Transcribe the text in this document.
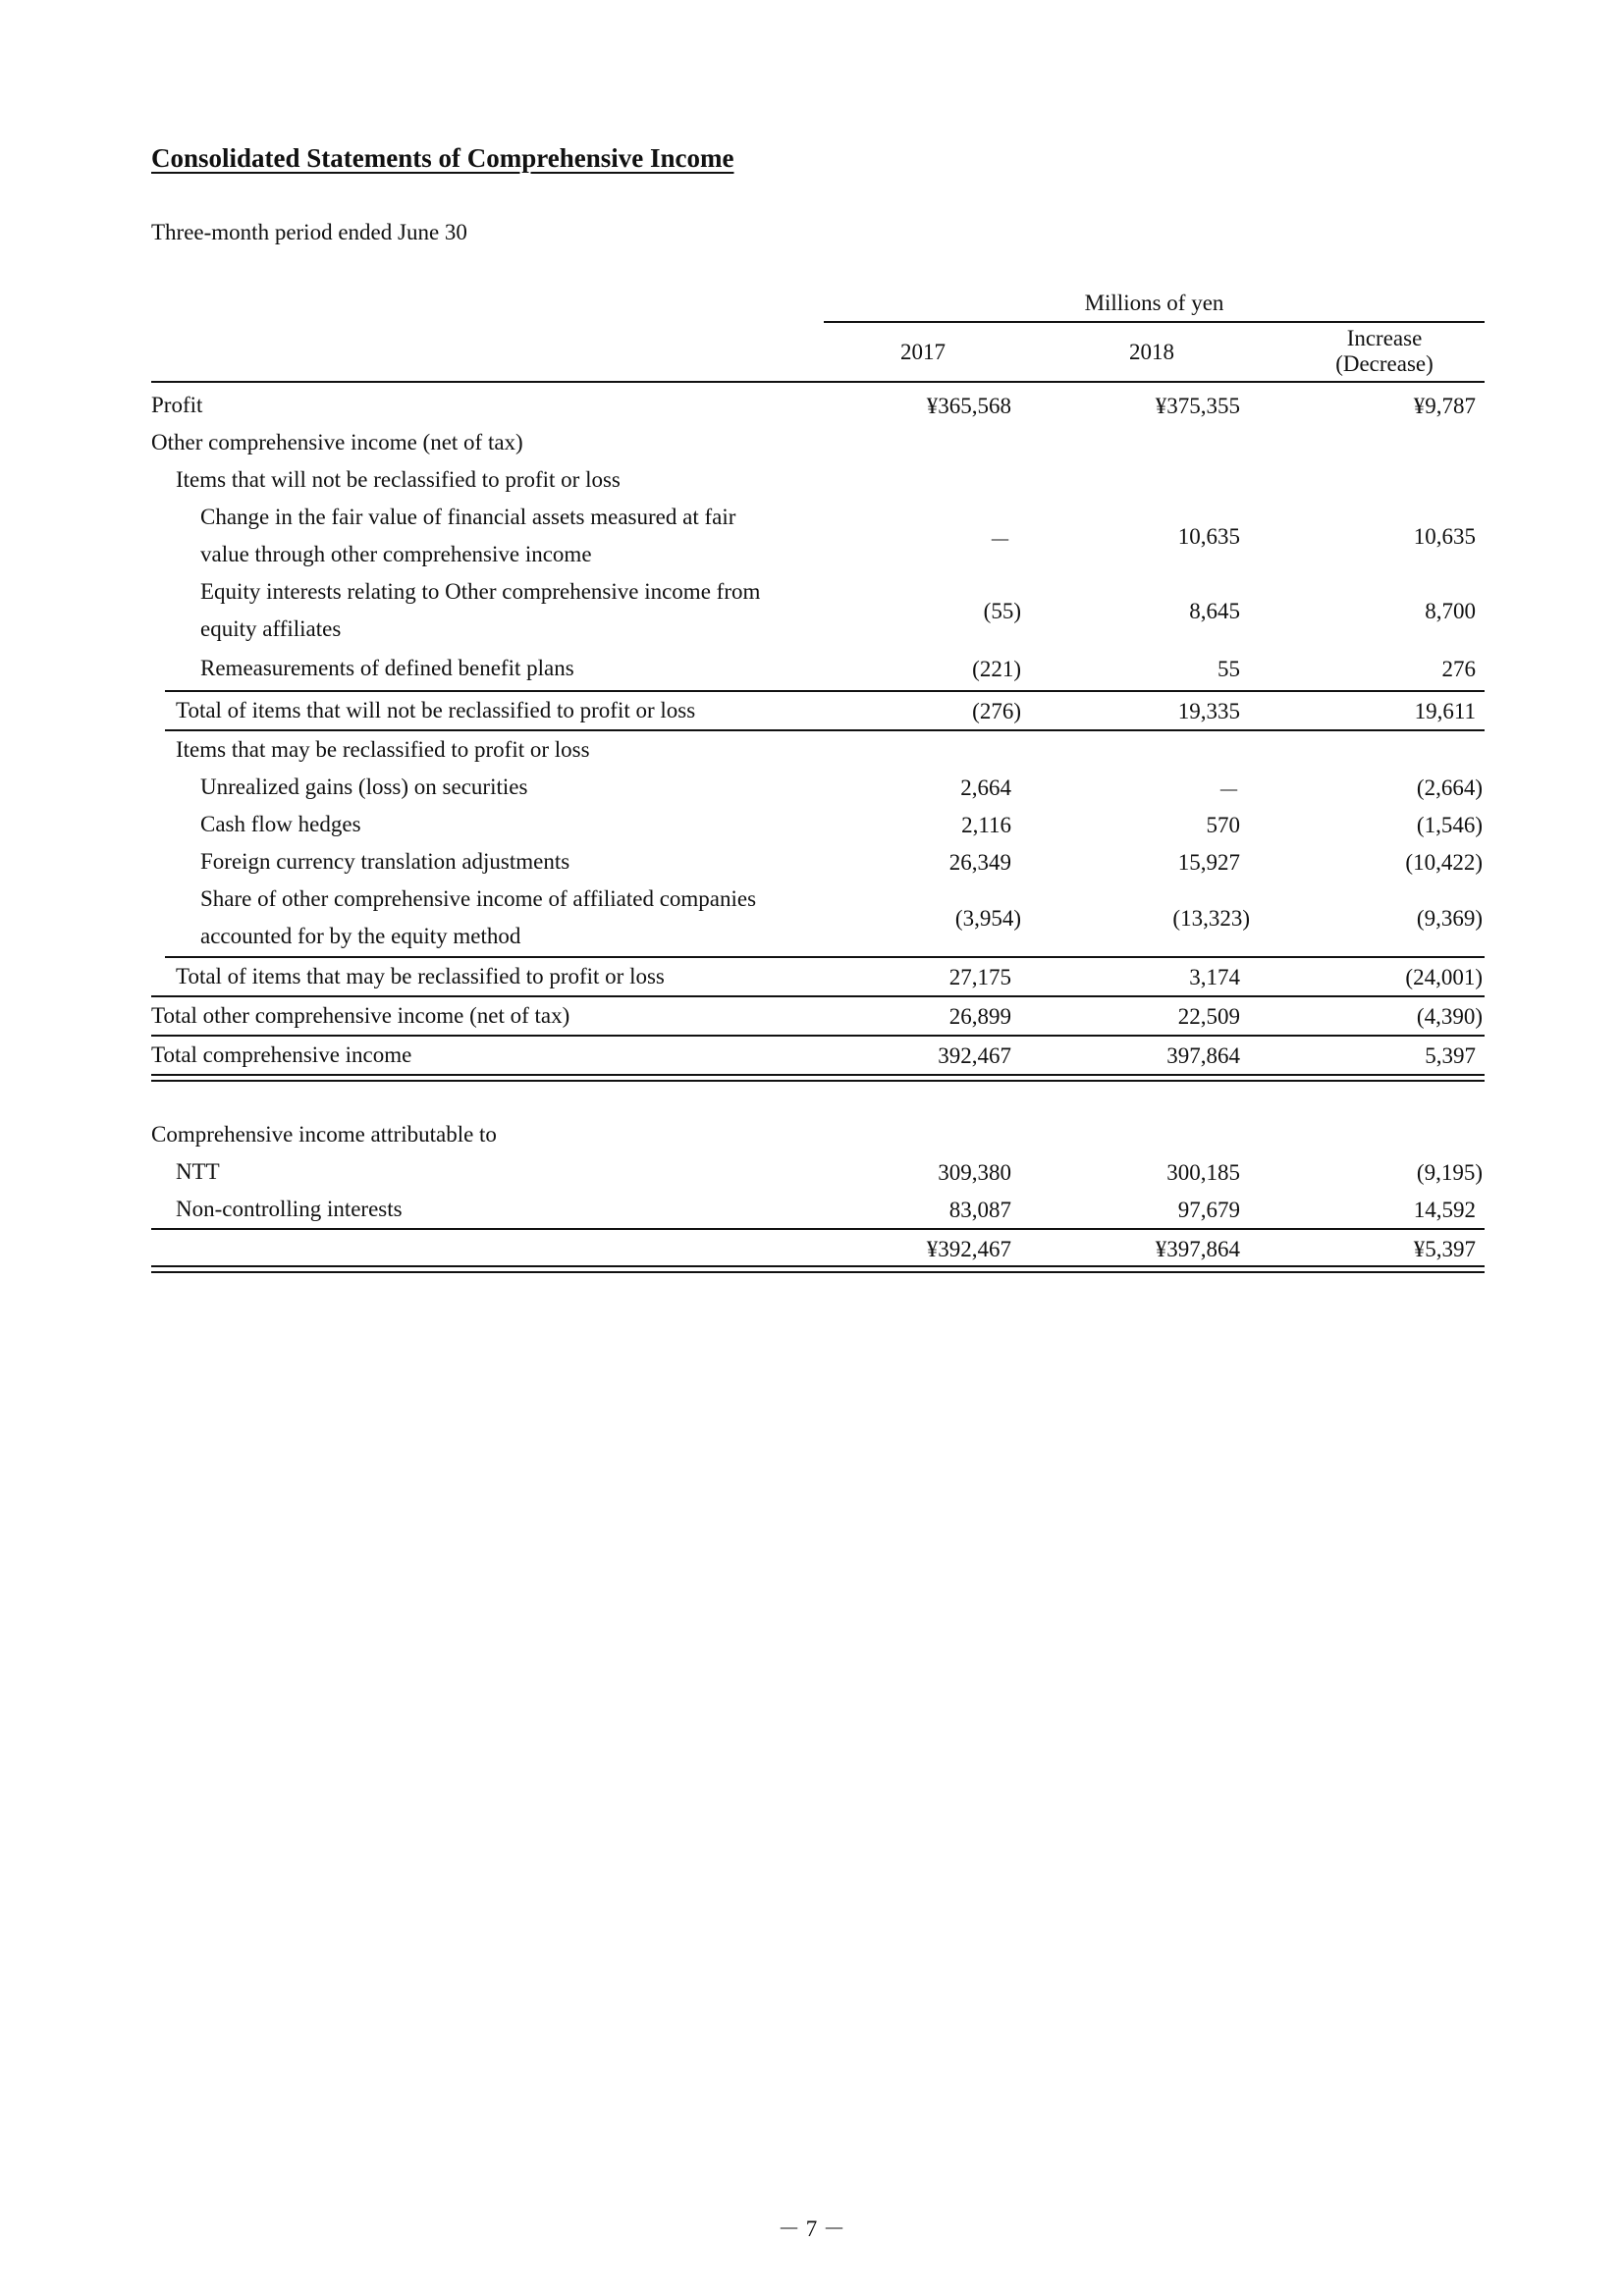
Consolidated Statements of Comprehensive Income
Three-month period ended June 30
Millions of yen
2017	2018
Increase
(Decrease)
Profit	¥365,568	¥375,355	¥9,787
Other comprehensive income (net of tax)
Items that will not be reclassified to profit or loss
Change in the fair value of financial assets measured at fair
value through other comprehensive income
－	10,635	10,635
Equity interests relating to Other comprehensive income from
equity affiliates
(55)	8,645	8,700
Remeasurements of defined benefit plans	(221)	55	276
Total of items that will not be reclassified to profit or loss	(276)	19,335	19,611
Items that may be reclassified to profit or loss
Unrealized gains (loss) on securities	2,664	－	(2,664)
Cash flow hedges	2,116	570	(1,546)
Foreign currency translation adjustments	26,349	15,927	(10,422)
Share of other comprehensive income of affiliated companies
accounted for by the equity method
(3,954)	(13,323)	(9,369)
Total of items that may be reclassified to profit or loss	27,175	3,174	(24,001)
Total other comprehensive income (net of tax)	26,899	22,509	(4,390)
Total comprehensive income	392,467	397,864	5,397
Comprehensive income attributable to
NTT	309,380	300,185	(9,195)
Non-controlling interests	83,087	97,679	14,592
¥392,467	¥397,864	¥5,397
－ 7 －
